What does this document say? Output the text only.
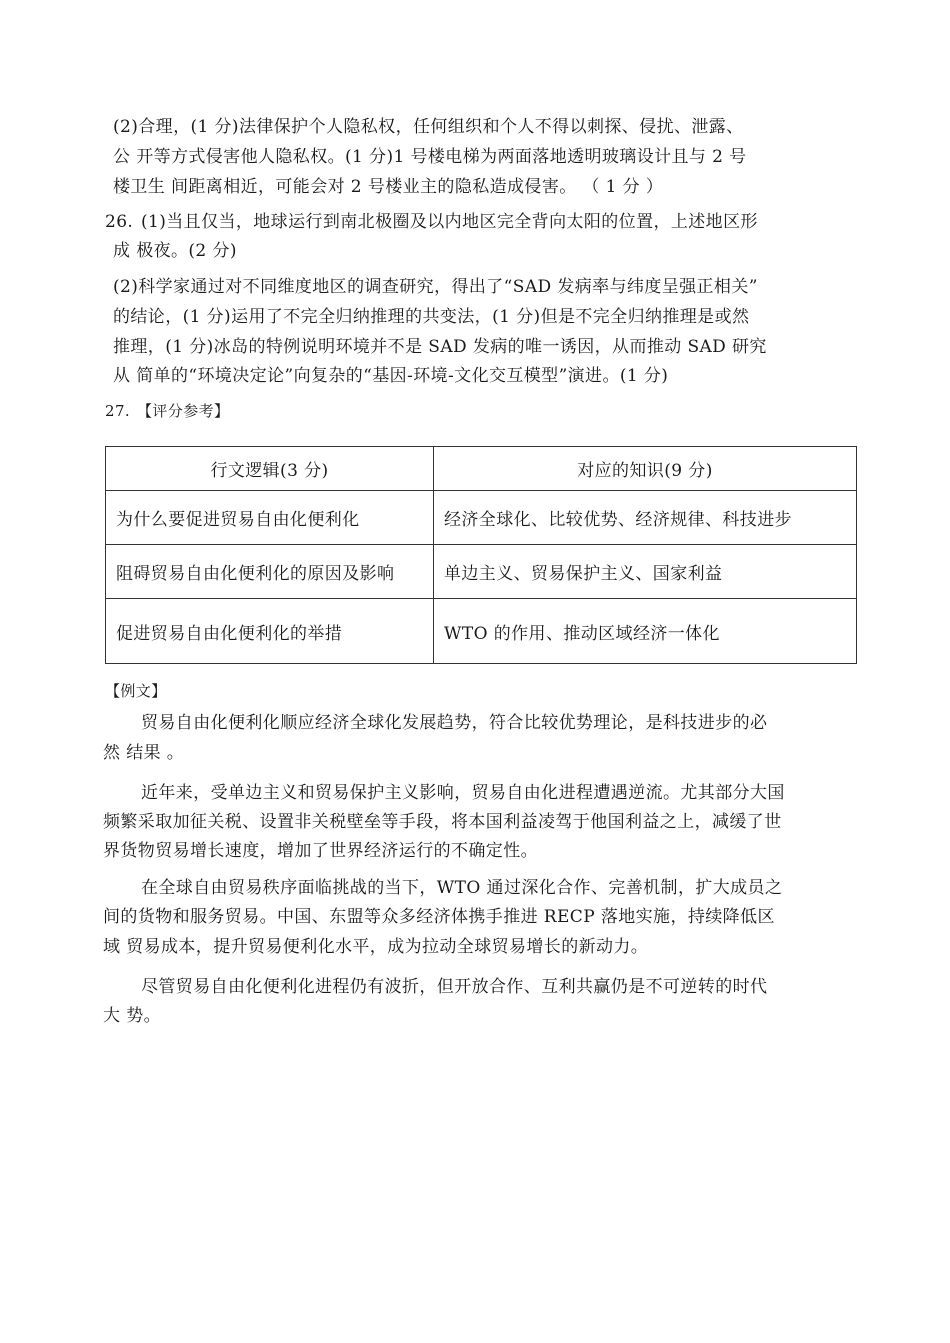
(2)合理，(1 分)法律保护个人隐私权，任何组织和个人不得以刺探、侵扰、泄露、
公 开等方式侵害他人隐私权。(1 分)1 号楼电梯为两面落地透明玻璃设计且与 2 号
楼卫生 间距离相近，可能会对 2 号楼业主的隐私造成侵害。 （ 1 分 ）
26. (1)当且仅当，地球运行到南北极圈及以内地区完全背向太阳的位置，上述地区形
成 极夜。(2 分)
(2)科学家通过对不同维度地区的调查研究，得出了“SAD 发病率与纬度呈强正相关”
的结论，(1 分)运用了不完全归纳推理的共变法，(1 分)但是不完全归纳推理是或然
推理，(1 分)冰岛的特例说明环境并不是 SAD 发病的唯一诱因，从而推动 SAD 研究
从 简单的“环境决定论”向复杂的“基因-环境-文化交互模型”演进。(1 分)
27. 【评分参考】
行文逻辑(3 分)	对应的知识(9 分)
为什么要促进贸易自由化便利化	经济全球化、比较优势、经济规律、科技进步
阻碍贸易自由化便利化的原因及影响	单边主义、贸易保护主义、国家利益
促进贸易自由化便利化的举措	WTO 的作用、推动区域经济一体化
【例文】
贸易自由化便利化顺应经济全球化发展趋势，符合比较优势理论，是科技进步的必
然 结果 。
近年来，受单边主义和贸易保护主义影响，贸易自由化进程遭遇逆流。尤其部分大国
频繁采取加征关税、设置非关税壁垒等手段，将本国利益凌驾于他国利益之上，减缓了世
界货物贸易增长速度，增加了世界经济运行的不确定性。
在全球自由贸易秩序面临挑战的当下，WTO 通过深化合作、完善机制，扩大成员之
间的货物和服务贸易。中国、东盟等众多经济体携手推进 RECP 落地实施，持续降低区
域 贸易成本，提升贸易便利化水平，成为拉动全球贸易增长的新动力。
尽管贸易自由化便利化进程仍有波折，但开放合作、互利共赢仍是不可逆转的时代
大 势。
